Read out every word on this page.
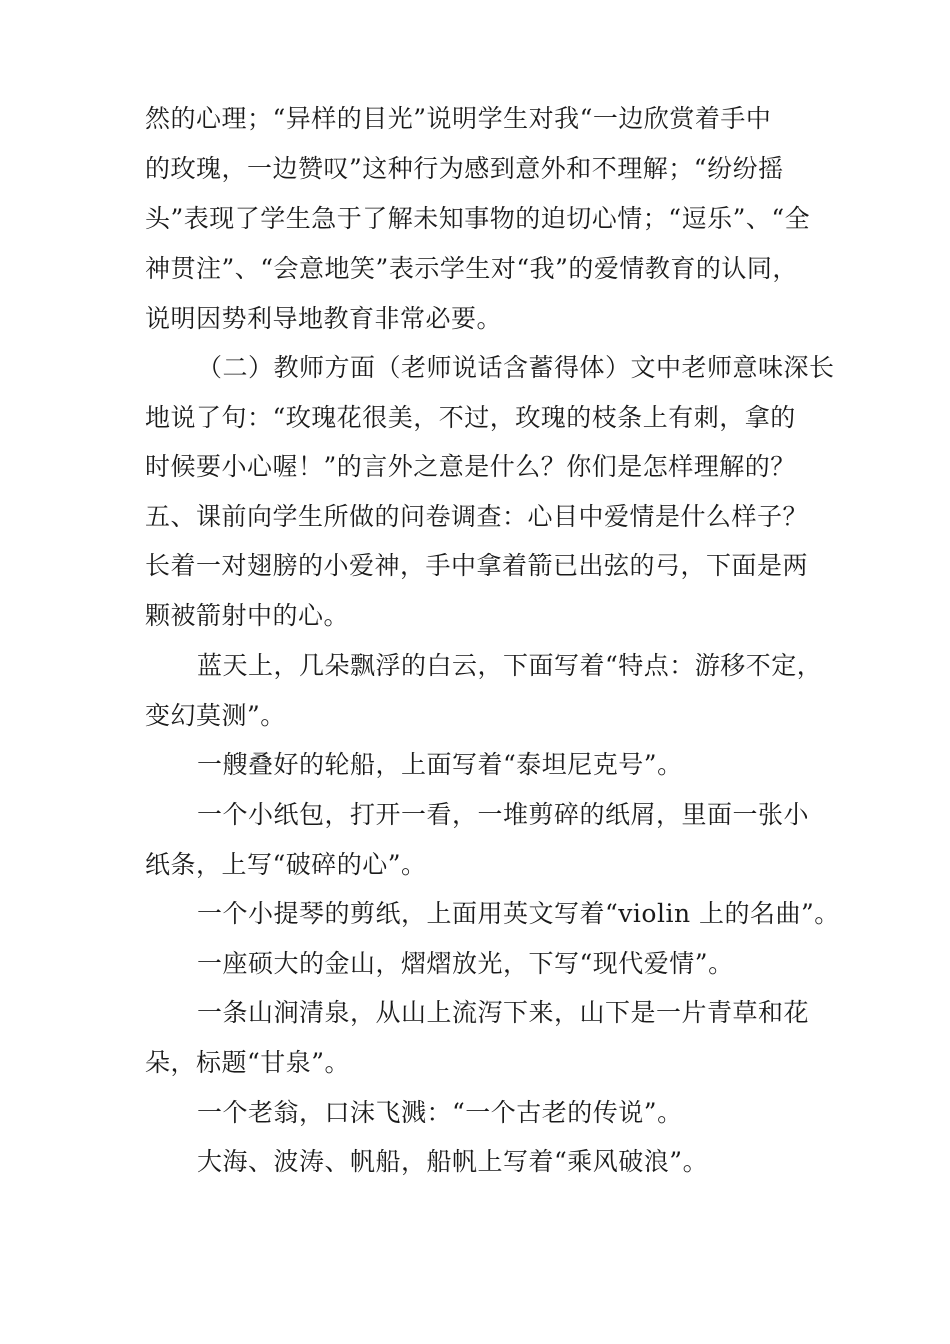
然的心理；“异样的目光”说明学生对我“一边欣赏着手中
的玫瑰，一边赞叹”这种行为感到意外和不理解；“纷纷摇
头”表现了学生急于了解未知事物的迫切心情；“逗乐”、“全
神贯注”、“会意地笑”表示学生对“我”的爱情教育的认同，
说明因势利导地教育非常必要。
（二）教师方面（老师说话含蓄得体）文中老师意味深长
地说了句：“玫瑰花很美，不过，玫瑰的枝条上有刺，拿的
时候要小心喔！”的言外之意是什么？你们是怎样理解的？
五、课前向学生所做的问卷调查：心目中爱情是什么样子？
长着一对翅膀的小爱神，手中拿着箭已出弦的弓，下面是两
颗被箭射中的心。
蓝天上，几朵飘浮的白云，下面写着“特点：游移不定，
变幻莫测”。
一艘叠好的轮船，上面写着“泰坦尼克号”。
一个小纸包，打开一看，一堆剪碎的纸屑，里面一张小
纸条，上写“破碎的心”。
一个小提琴的剪纸，上面用英文写着“violin 上的名曲”。
一座硕大的金山，熠熠放光，下写“现代爱情”。
一条山涧清泉，从山上流泻下来，山下是一片青草和花
朵，标题“甘泉”。
一个老翁，口沫飞溅：“一个古老的传说”。
大海、波涛、帆船，船帆上写着“乘风破浪”。
